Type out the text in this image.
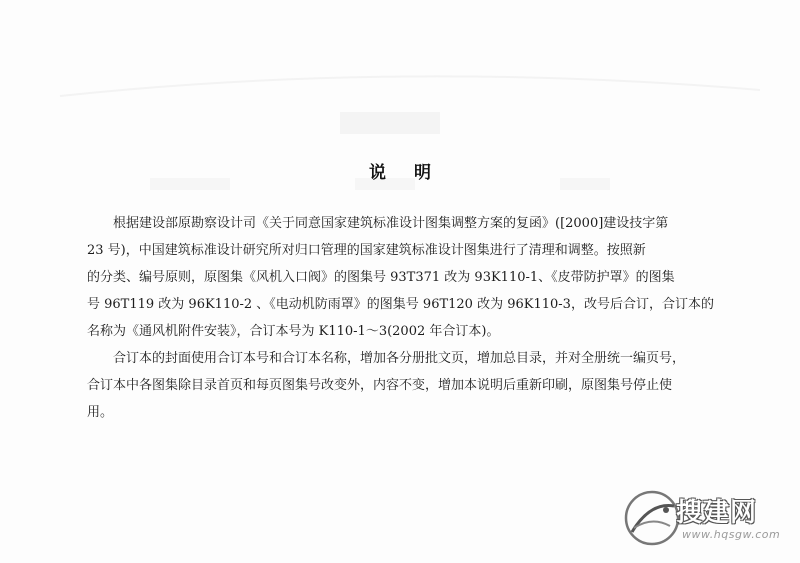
说明
根据建设部原勘察设计司《关于同意国家建筑标准设计图集调整方案的复函》([2000]建设技字第
23 号)，中国建筑标准设计研究所对归口管理的国家建筑标准设计图集进行了清理和调整。按照新
的分类、编号原则，原图集《风机入口阀》的图集号 93T371 改为 93K110-1、《皮带防护罩》的图集
号 96T119 改为 96K110-2 、《电动机防雨罩》的图集号 96T120 改为 96K110-3，改号后合订，合订本的
名称为《通风机附件安装》，合订本号为 K110-1～3(2002 年合订本)。
合订本的封面使用合订本号和合订本名称，增加各分册批文页，增加总目录，并对全册统一编页号，
合订本中各图集除目录首页和每页图集号改变外，内容不变，增加本说明后重新印刷，原图集号停止使
用。
搜建网
www.hqsgw.com
